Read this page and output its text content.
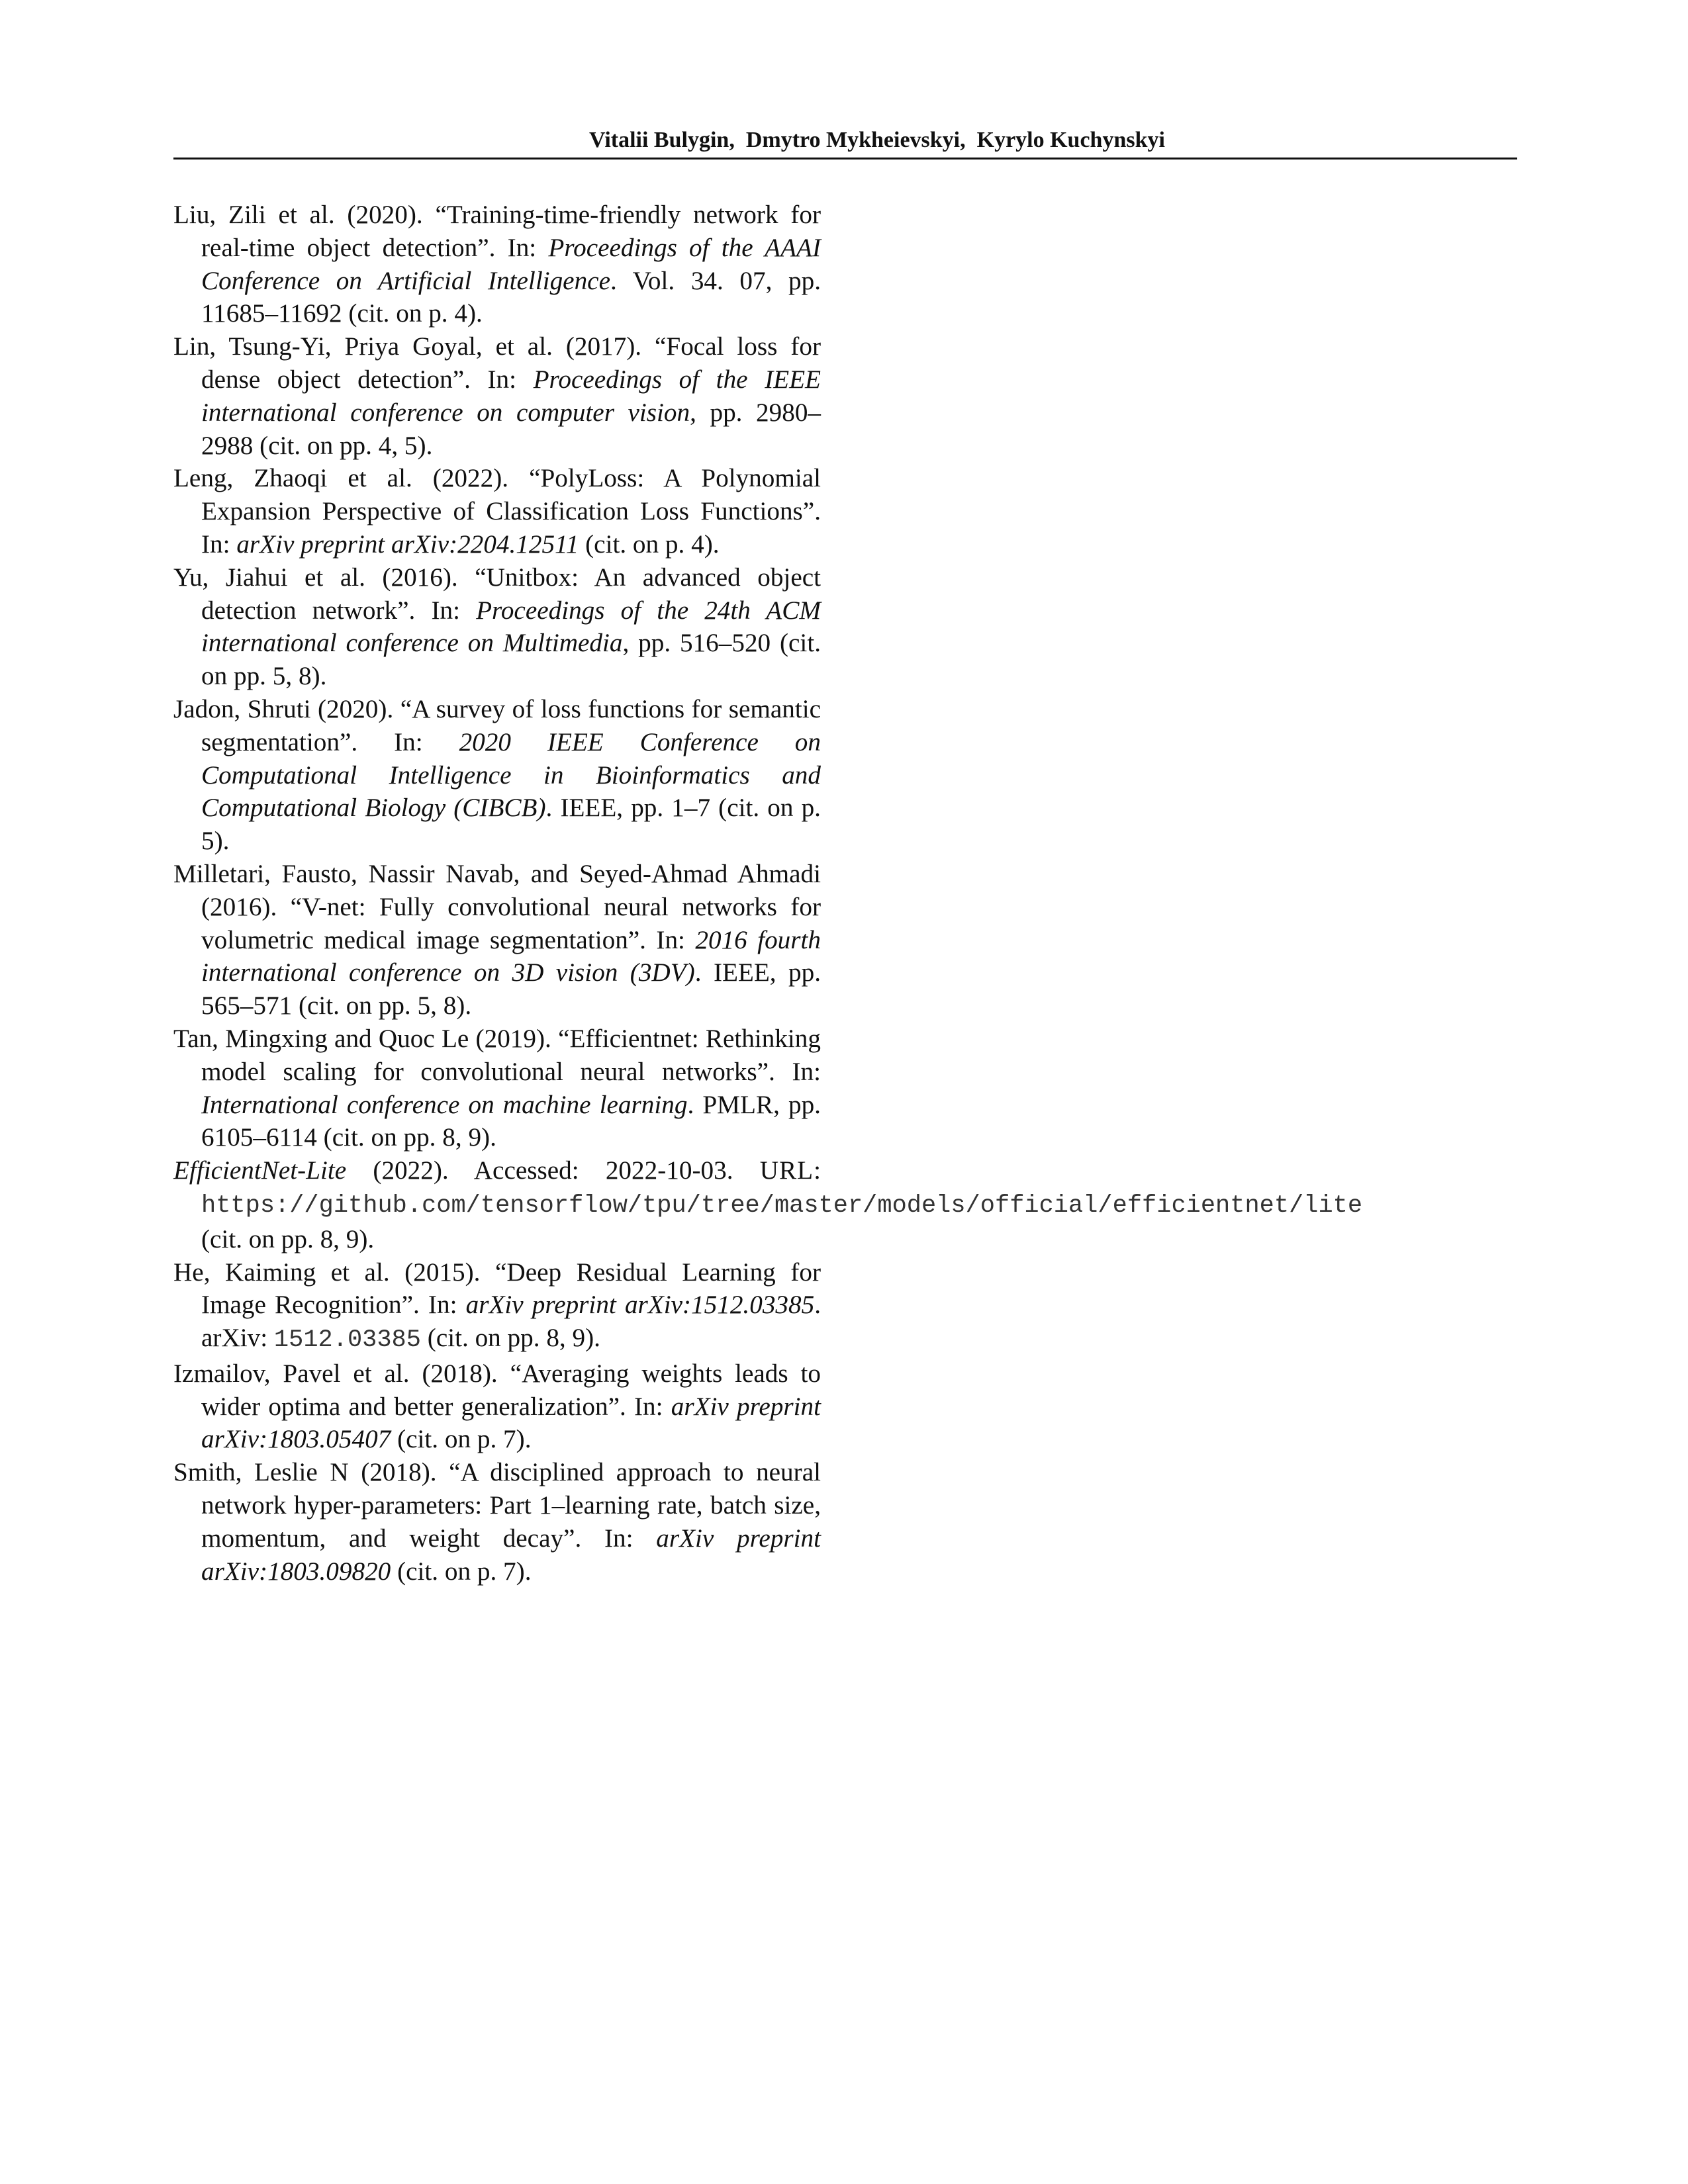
Vitalii Bulygin,  Dmytro Mykheievskyi,  Kyrylo Kuchynskyi

Liu, Zili et al. (2020). “Training-time-friendly network for real-time object detection”. In: Proceedings of the AAAI Conference on Artificial Intelligence. Vol. 34. 07, pp. 11685–11692 (cit. on p. 4).

Lin, Tsung-Yi, Priya Goyal, et al. (2017). “Focal loss for dense object detection”. In: Proceedings of the IEEE international conference on computer vision, pp. 2980–2988 (cit. on pp. 4, 5).

Leng, Zhaoqi et al. (2022). “PolyLoss: A Polynomial Expansion Perspective of Classification Loss Functions”. In: arXiv preprint arXiv:2204.12511 (cit. on p. 4).

Yu, Jiahui et al. (2016). “Unitbox: An advanced object detection network”. In: Proceedings of the 24th ACM international conference on Multimedia, pp. 516–520 (cit. on pp. 5, 8).

Jadon, Shruti (2020). “A survey of loss functions for semantic segmentation”. In: 2020 IEEE Conference on Computational Intelligence in Bioinformatics and Computational Biology (CIBCB). IEEE, pp. 1–7 (cit. on p. 5).

Milletari, Fausto, Nassir Navab, and Seyed-Ahmad Ahmadi (2016). “V-net: Fully convolutional neural networks for volumetric medical image segmentation”. In: 2016 fourth international conference on 3D vision (3DV). IEEE, pp. 565–571 (cit. on pp. 5, 8).

Tan, Mingxing and Quoc Le (2019). “Efficientnet: Rethinking model scaling for convolutional neural networks”. In: International conference on machine learning. PMLR, pp. 6105–6114 (cit. on pp. 8, 9).

EfficientNet-Lite (2022). Accessed: 2022-10-03. URL: https://github.com/tensorflow/tpu/tree/master/models/official/efficientnet/lite (cit. on pp. 8, 9).

He, Kaiming et al. (2015). “Deep Residual Learning for Image Recognition”. In: arXiv preprint arXiv:1512.03385. arXiv: 1512.03385 (cit. on pp. 8, 9).

Izmailov, Pavel et al. (2018). “Averaging weights leads to wider optima and better generalization”. In: arXiv preprint arXiv:1803.05407 (cit. on p. 7).

Smith, Leslie N (2018). “A disciplined approach to neural network hyper-parameters: Part 1–learning rate, batch size, momentum, and weight decay”. In: arXiv preprint arXiv:1803.09820 (cit. on p. 7).
